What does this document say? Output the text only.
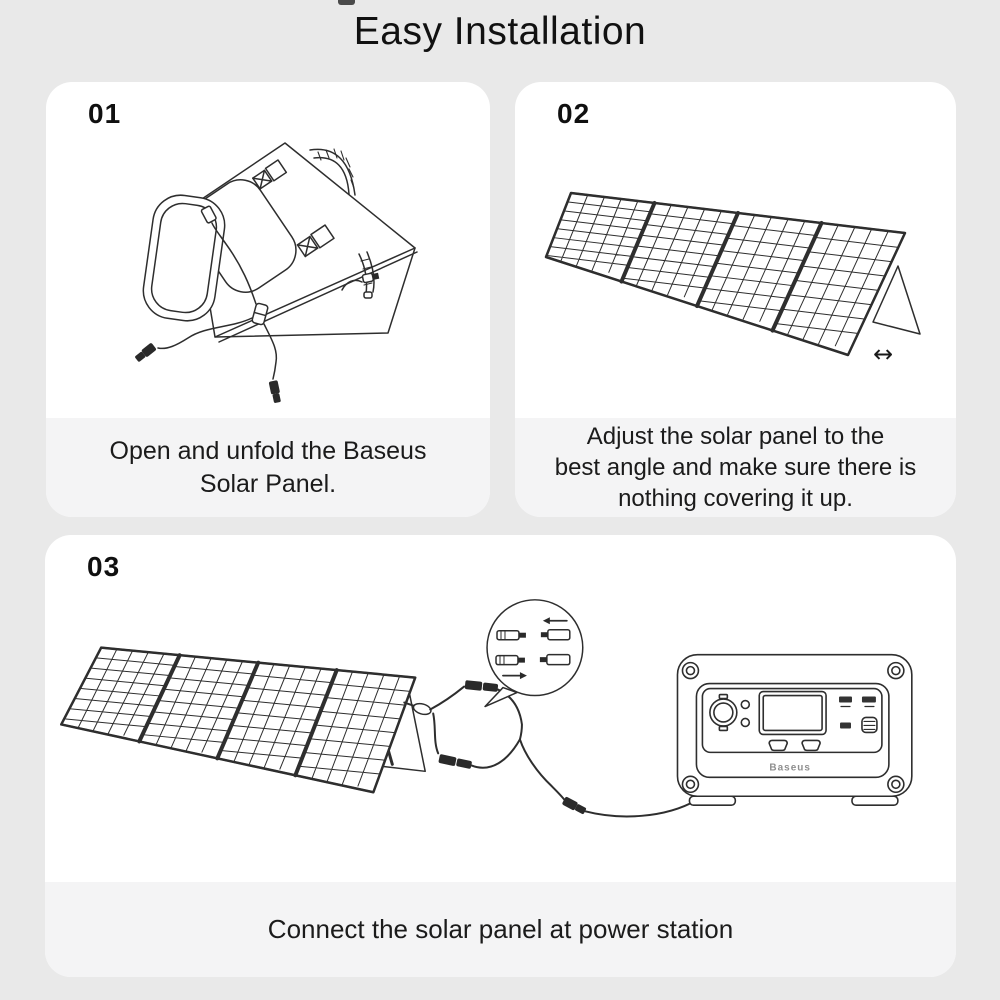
Easy Installation
01
Open and unfold the Baseus
Solar Panel.
02
↔
Adjust the solar panel to the
best angle and make sure there is
nothing covering it up.
03
Baseus
Connect the solar panel at power station
